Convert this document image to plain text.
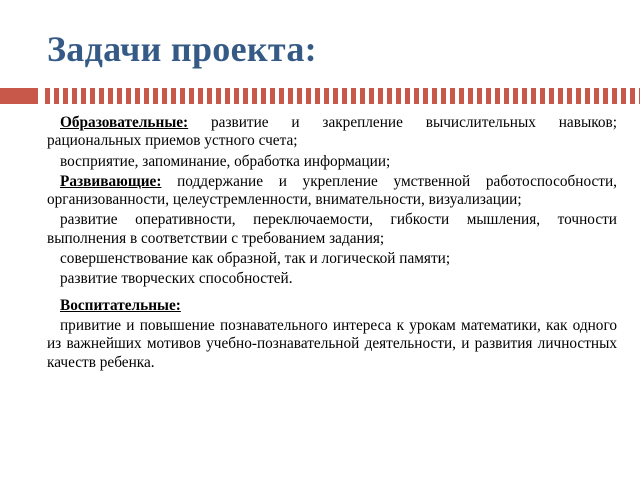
Задачи проекта:

Образовательные: развитие и закрепление вычислительных навыков; рациональных приемов устного счета;

восприятие, запоминание, обработка информации;

Развивающие: поддержание и укрепление умственной работоспособности, организованности, целеустремленности, внимательности, визуализации;

развитие оперативности, переключаемости, гибкости мышления, точности выполнения в соответствии с требованием задания;

совершенствование как образной, так и логической памяти;

развитие творческих способностей.

Воспитательные:

привитие и повышение познавательного интереса к урокам математики, как одного из важнейших мотивов учебно-познавательной деятельности, и развития личностных качеств ребенка.
